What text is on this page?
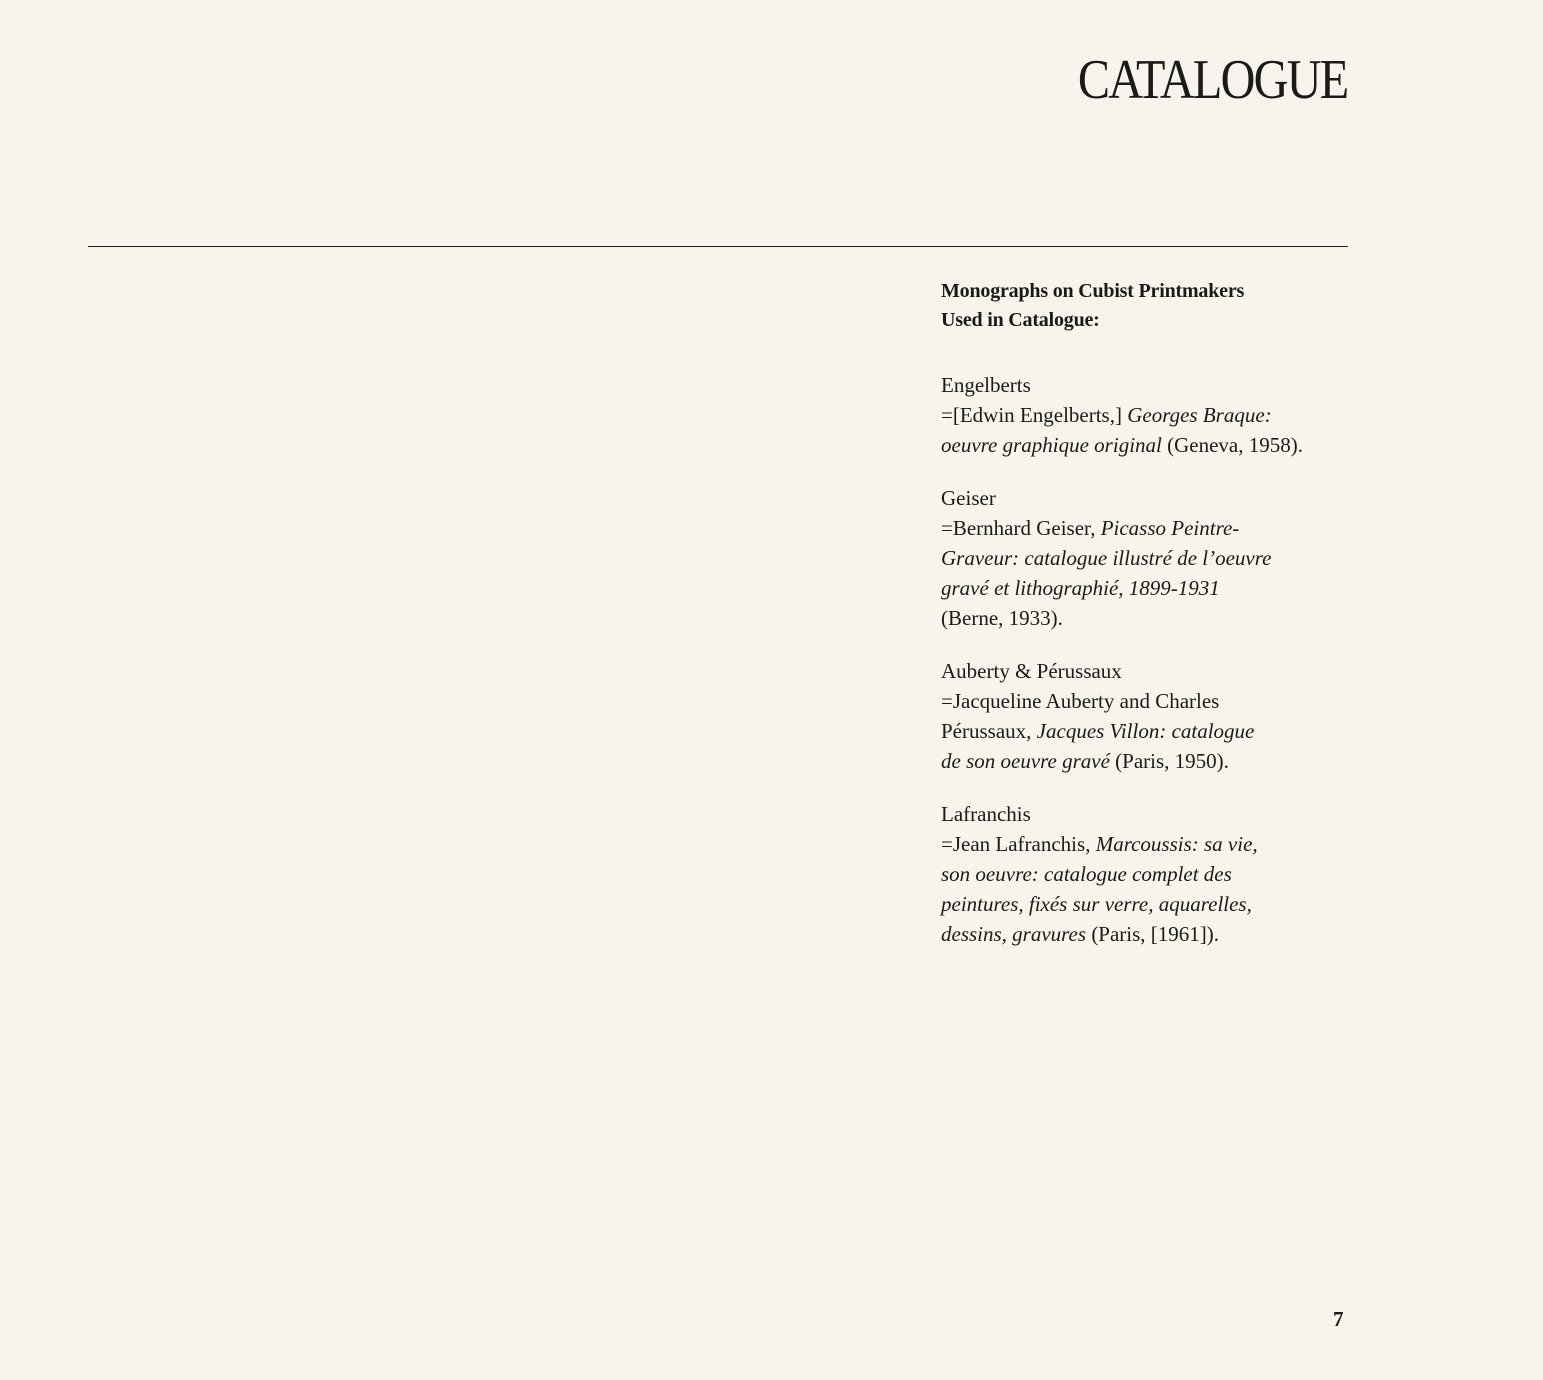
CATALOGUE
Monographs on Cubist Printmakers
Used in Catalogue:
Engelberts
=[Edwin Engelberts,] Georges Braque:
oeuvre graphique original (Geneva, 1958).
Geiser
=Bernhard Geiser, Picasso Peintre-
Graveur: catalogue illustré de l’oeuvre
gravé et lithographié, 1899-1931
(Berne, 1933).
Auberty & Pérussaux
=Jacqueline Auberty and Charles
Pérussaux, Jacques Villon: catalogue
de son oeuvre gravé (Paris, 1950).
Lafranchis
=Jean Lafranchis, Marcoussis: sa vie,
son oeuvre: catalogue complet des
peintures, fixés sur verre, aquarelles,
dessins, gravures (Paris, [1961]).
7
